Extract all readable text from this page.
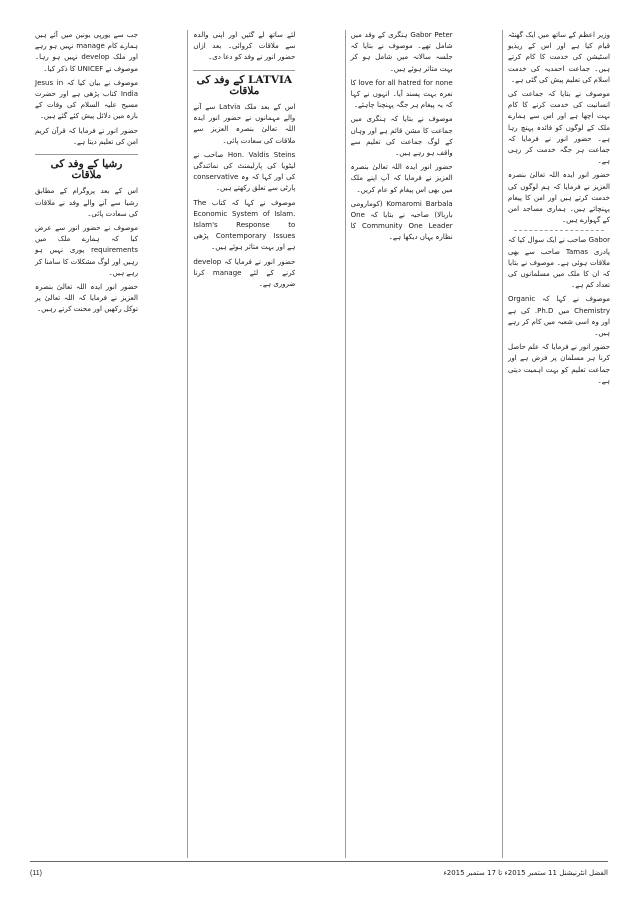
وزیر اعظم کے ساتھ میں ایک گھنٹہ قیام کیا ہے اور اس کے ریذیو اسٹیشن کی خدمت کا کام کرتے ہیں۔ جماعت احمدیہ کی خدمت اسلام کی تعلیم پیش کی گئی ہے۔

موصوف نے بتایا کہ جماعت کی انسانیت کی خدمت کرنے کا کام بہت اچھا ہے اور اس سے ہمارے ملک کے لوگوں کو فائدہ پہنچ رہا ہے۔ حضور انور نے فرمایا کہ جماعت ہر جگہ خدمت کر رہی ہے۔

حضور انور ایدہ اللہ تعالیٰ بنصرہ العزیز نے فرمایا کہ ہم لوگوں کی خدمت کرتے ہیں اور امن کا پیغام پہنچاتے ہیں۔ ہماری مساجد امن کے گہوارے ہیں۔

Gabor صاحب نے ایک سوال کیا کہ پادری Tamas صاحب سے بھی ملاقات ہوئی ہے۔ موصوف نے بتایا کہ ان کا ملک میں مسلمانوں کی تعداد کم ہے۔

موصوف نے کہا کہ Organic Chemistry میں Ph.D. کی ہے اور وہ اسی شعبہ میں کام کر رہے ہیں۔

حضور انور نے فرمایا کہ علم حاصل کرنا ہر مسلمان پر فرض ہے اور جماعت تعلیم کو بہت اہمیت دیتی ہے۔

Gabor Peter ہنگری کے وفد میں شامل تھے۔ موصوف نے بتایا کہ جلسہ سالانہ میں شامل ہو کر بہت متاثر ہوئے ہیں۔

love for all hatred for none کا نعرہ بہت پسند آیا۔ انہوں نے کہا کہ یہ پیغام ہر جگہ پہنچنا چاہئے۔

موصوف نے بتایا کہ ہنگری میں جماعت کا مشن قائم ہے اور وہاں کے لوگ جماعت کی تعلیم سے واقف ہو رہے ہیں۔

حضور انور ایدہ اللہ تعالیٰ بنصرہ العزیز نے فرمایا کہ آپ اپنے ملک میں بھی اس پیغام کو عام کریں۔

Komaromi Barbala (کومارومی باربالا) صاحبہ نے بتایا کہ One Community One Leader کا نظارہ یہاں دیکھا ہے۔

لئے ساتھ لے گئیں اور اپنی والدہ سے ملاقات کروائی۔ بعد ازاں حضور انور نے وفد کو دعا دی۔

LATVIA کے وفد کی ملاقات

اس کے بعد ملک Latvia سے آنے والے مہمانوں نے حضور انور ایدہ اللہ تعالیٰ بنصرہ العزیز سے ملاقات کی سعادت پائی۔

Hon. Valdis Steins صاحب نے لیٹویا کی پارلیمنٹ کی نمائندگی کی اور کہا کہ وہ conservative پارٹی سے تعلق رکھتے ہیں۔

موصوف نے کہا کہ کتاب The Economic System of Islam. Islam's Response to Contemporary Issues پڑھی ہے اور بہت متاثر ہوئے ہیں۔

حضور انور نے فرمایا کہ develop کرنے کے لئے manage کرنا ضروری ہے۔

جب سے یورپی یونین میں آئے ہیں ہمارے کام manage نہیں ہو رہے اور ملک develop نہیں ہو رہا۔ موصوف نے UNICEF کا ذکر کیا۔

موصوف نے بیان کیا کہ Jesus in India کتاب پڑھی ہے اور حضرت مسیح علیہ السلام کی وفات کے بارہ میں دلائل پیش کئے گئے ہیں۔

حضور انور نے فرمایا کہ قرآن کریم امن کی تعلیم دیتا ہے۔

رشیا کے وفد کی ملاقات

اس کے بعد پروگرام کے مطابق رشیا سے آنے والے وفد نے ملاقات کی سعادت پائی۔

موصوف نے حضور انور سے عرض کیا کہ ہمارے ملک میں requirements پوری نہیں ہو رہیں اور لوگ مشکلات کا سامنا کر رہے ہیں۔

حضور انور ایدہ اللہ تعالیٰ بنصرہ العزیز نے فرمایا کہ اللہ تعالیٰ پر توکل رکھیں اور محنت کرتے رہیں۔

(11)	الفضل انٹرنیشنل 11 ستمبر 2015ء تا 17 ستمبر 2015ء
